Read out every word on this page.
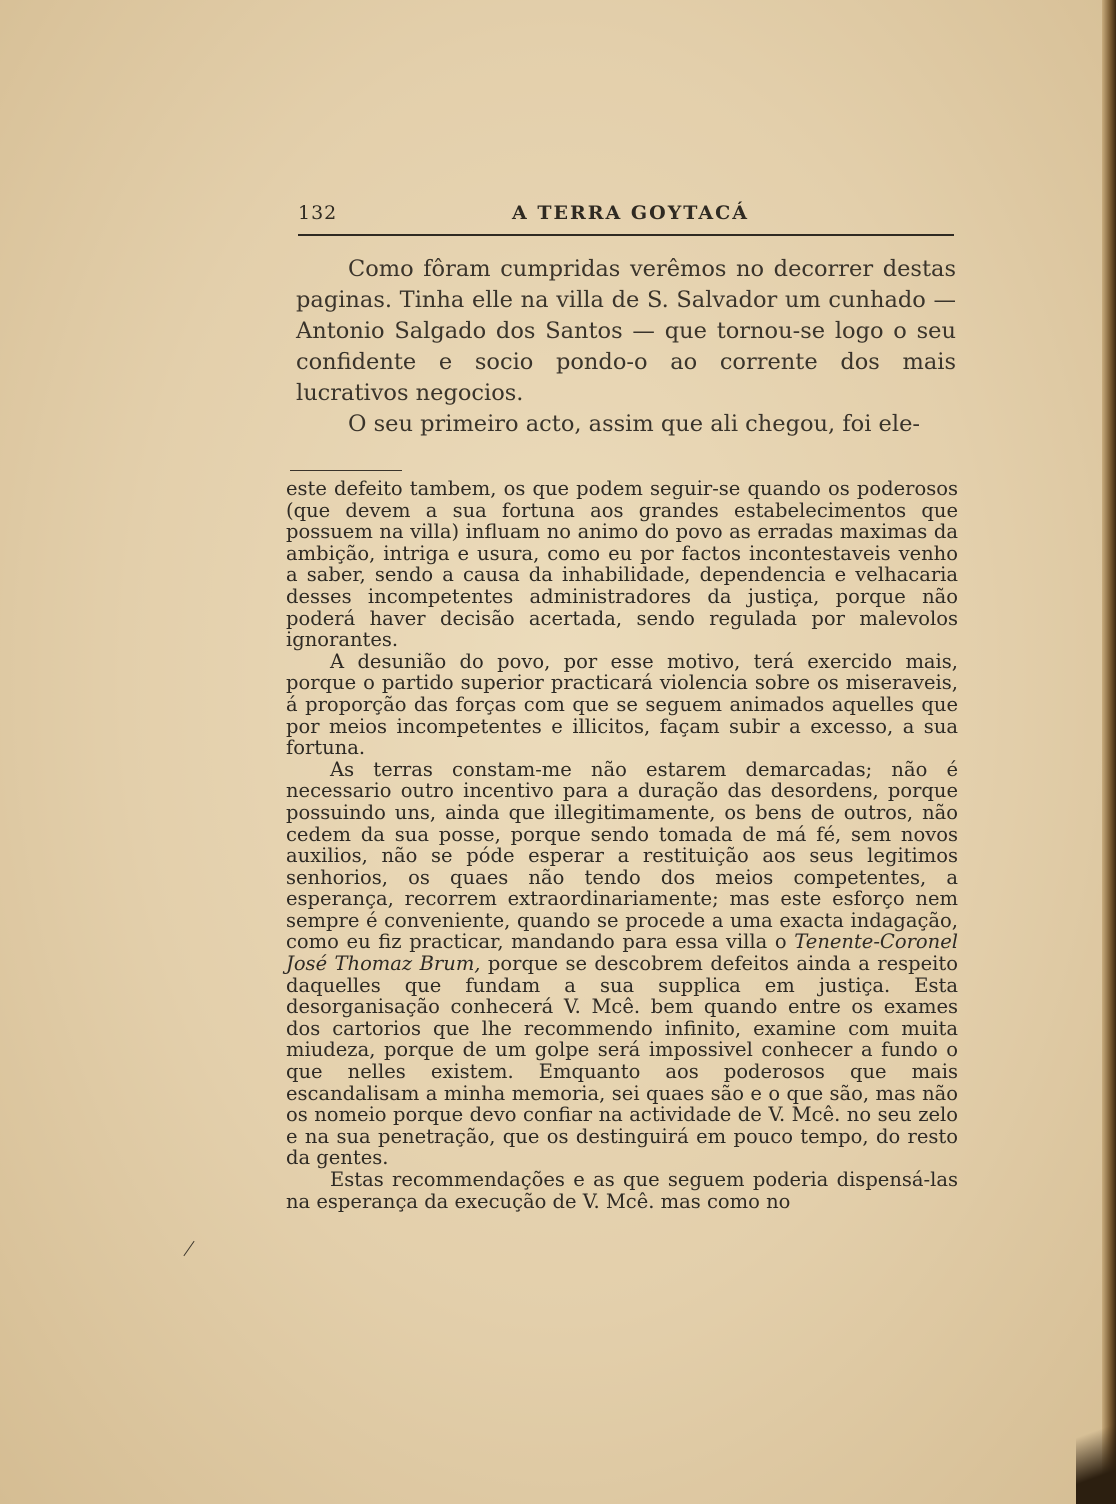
132	A TERRA GOYTACÁ

Como fôram cumpridas verêmos no decorrer destas paginas. Tinha elle na villa de S. Salvador um cunhado — Antonio Salgado dos Santos — que tornou-se logo o seu confidente e socio pondo-o ao corrente dos mais lucrativos negocios.

O seu primeiro acto, assim que ali chegou, foi ele-

este defeito tambem, os que podem seguir-se quando os poderosos (que devem a sua fortuna aos grandes estabelecimentos que possuem na villa) influam no animo do povo as erradas maximas da ambição, intriga e usura, como eu por factos incontestaveis venho a saber, sendo a causa da inhabilidade, dependencia e velhacaria desses incompetentes administradores da justiça, porque não poderá haver decisão acertada, sendo regulada por malevolos ignorantes.

A desunião do povo, por esse motivo, terá exercido mais, porque o partido superior practicará violencia sobre os miseraveis, á proporção das forças com que se seguem animados aquelles que por meios incompetentes e illicitos, façam subir a excesso, a sua fortuna.

As terras constam-me não estarem demarcadas; não é necessario outro incentivo para a duração das desordens, porque possuindo uns, ainda que illegitimamente, os bens de outros, não cedem da sua posse, porque sendo tomada de má fé, sem novos auxilios, não se póde esperar a restituição aos seus legitimos senhorios, os quaes não tendo dos meios competentes, a esperança, recorrem extraordinariamente; mas este esforço nem sempre é conveniente, quando se procede a uma exacta indagação, como eu fiz practicar, mandando para essa villa o Tenente-Coronel José Thomaz Brum, porque se descobrem defeitos ainda a respeito daquelles que fundam a sua supplica em justiça. Esta desorganisação conhecerá V. Mcê. bem quando entre os exames dos cartorios que lhe recommendo infinito, examine com muita miudeza, porque de um golpe será impossivel conhecer a fundo o que nelles existem. Emquanto aos poderosos que mais escandalisam a minha memoria, sei quaes são e o que são, mas não os nomeio porque devo confiar na actividade de V. Mcê. no seu zelo e na sua penetração, que os destinguirá em pouco tempo, do resto da gentes.

Estas recommendações e as que seguem poderia dispensá-las na esperança da execução de V. Mcê. mas como no
